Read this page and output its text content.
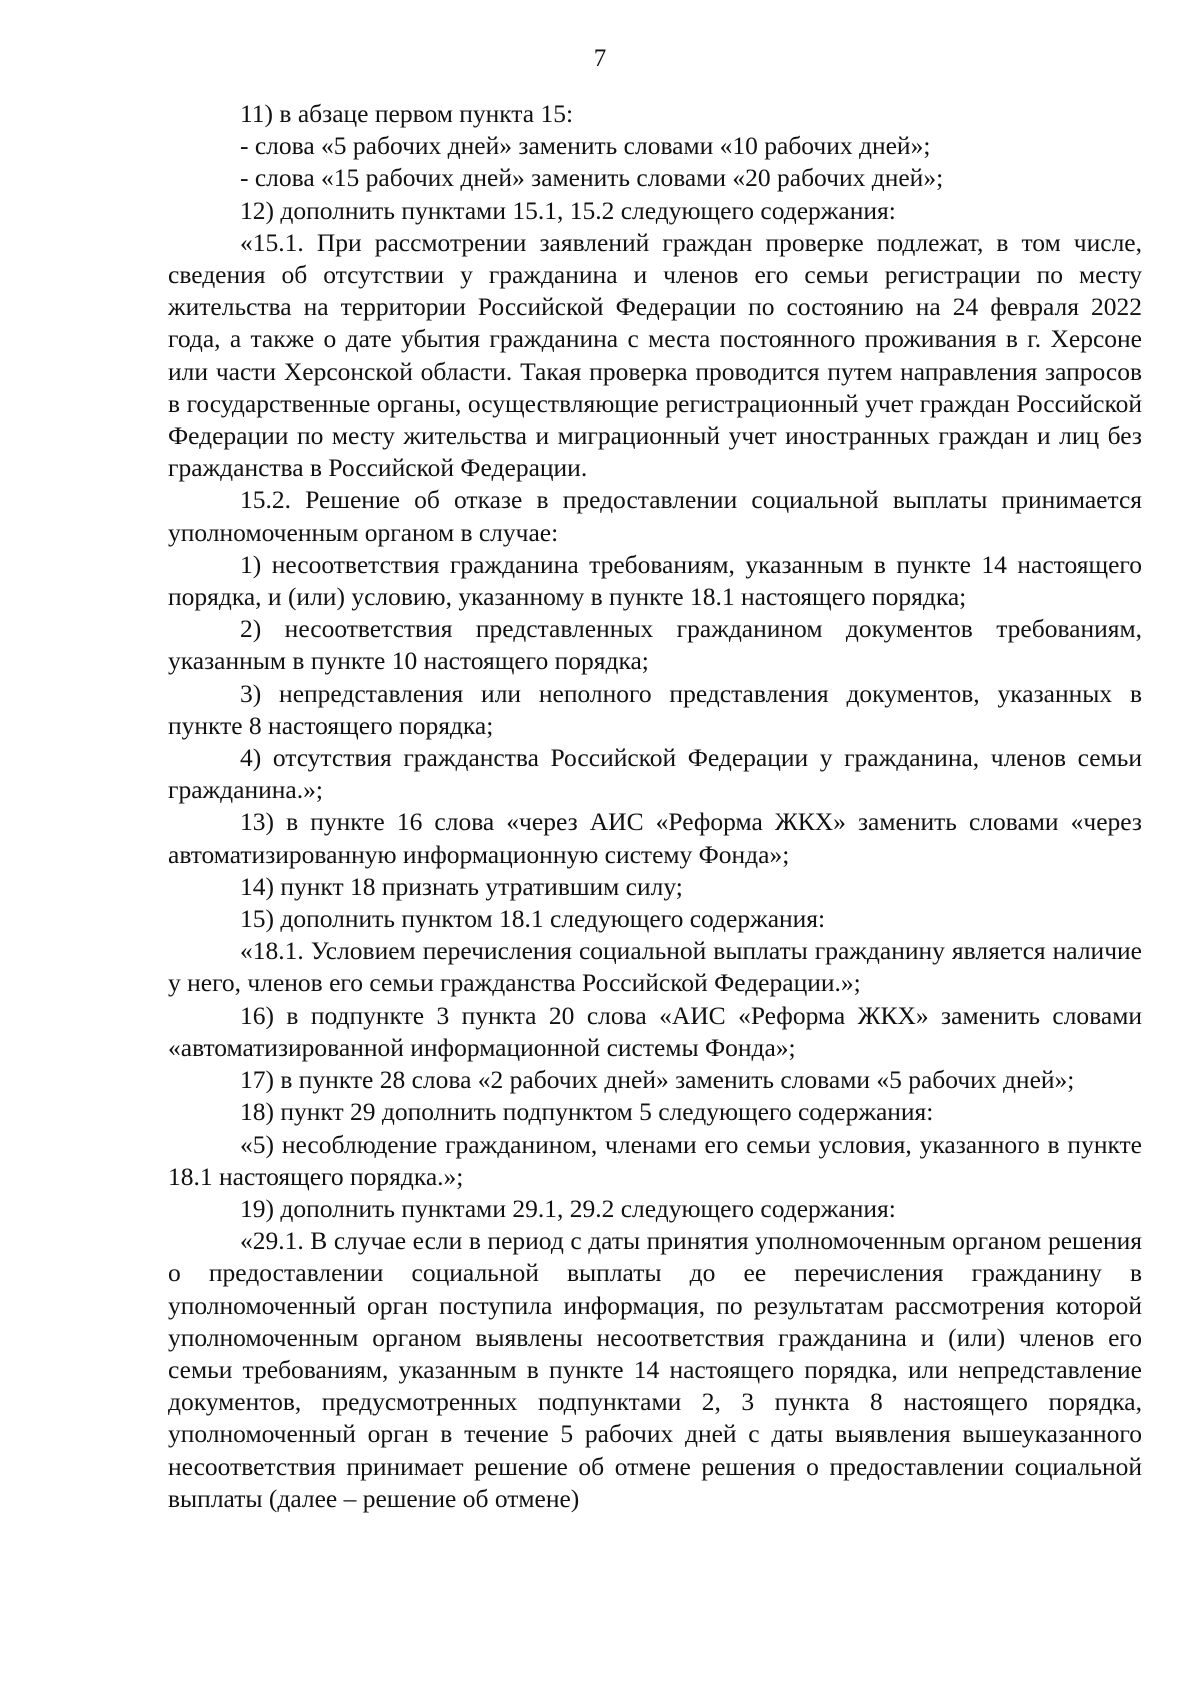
7

11) в абзаце первом пункта 15:

- слова «5 рабочих дней» заменить словами «10 рабочих дней»;

- слова «15 рабочих дней» заменить словами «20 рабочих дней»;

12) дополнить пунктами 15.1, 15.2 следующего содержания:

«15.1. При рассмотрении заявлений граждан проверке подлежат, в том числе, сведения об отсутствии у гражданина и членов его семьи регистрации по месту жительства на территории Российской Федерации по состоянию на 24 февраля 2022 года, а также о дате убытия гражданина с места постоянного проживания в г. Херсоне или части Херсонской области. Такая проверка проводится путем направления запросов в государственные органы, осуществляющие регистрационный учет граждан Российской Федерации по месту жительства и миграционный учет иностранных граждан и лиц без гражданства в Российской Федерации.

15.2. Решение об отказе в предоставлении социальной выплаты принимается уполномоченным органом в случае:

1) несоответствия гражданина требованиям, указанным в пункте 14 настоящего порядка, и (или) условию, указанному в пункте 18.1 настоящего порядка;

2) несоответствия представленных гражданином документов требованиям, указанным в пункте 10 настоящего порядка;

3) непредставления или неполного представления документов, указанных в пункте 8 настоящего порядка;

4) отсутствия гражданства Российской Федерации у гражданина, членов семьи гражданина.»;

13) в пункте 16 слова «через АИС «Реформа ЖКХ» заменить словами «через автоматизированную информационную систему Фонда»;

14) пункт 18 признать утратившим силу;

15) дополнить пунктом 18.1 следующего содержания:

«18.1. Условием перечисления социальной выплаты гражданину является наличие у него, членов его семьи гражданства Российской Федерации.»;

16) в подпункте 3 пункта 20 слова «АИС «Реформа ЖКХ» заменить словами «автоматизированной информационной системы Фонда»;

17) в пункте 28 слова «2 рабочих дней» заменить словами «5 рабочих дней»;

18) пункт 29 дополнить подпунктом 5 следующего содержания:

«5) несоблюдение гражданином, членами его семьи условия, указанного в пункте 18.1 настоящего порядка.»;

19) дополнить пунктами 29.1, 29.2 следующего содержания:

«29.1. В случае если в период с даты принятия уполномоченным органом решения о предоставлении социальной выплаты до ее перечисления гражданину в уполномоченный орган поступила информация, по результатам рассмотрения которой уполномоченным органом выявлены несоответствия гражданина и (или) членов его семьи требованиям, указанным в пункте 14 настоящего порядка, или непредставление документов, предусмотренных подпунктами 2, 3 пункта 8 настоящего порядка, уполномоченный орган в течение 5 рабочих дней с даты выявления вышеуказанного несоответствия принимает решение об отмене решения о предоставлении социальной выплаты (далее – решение об отмене)
